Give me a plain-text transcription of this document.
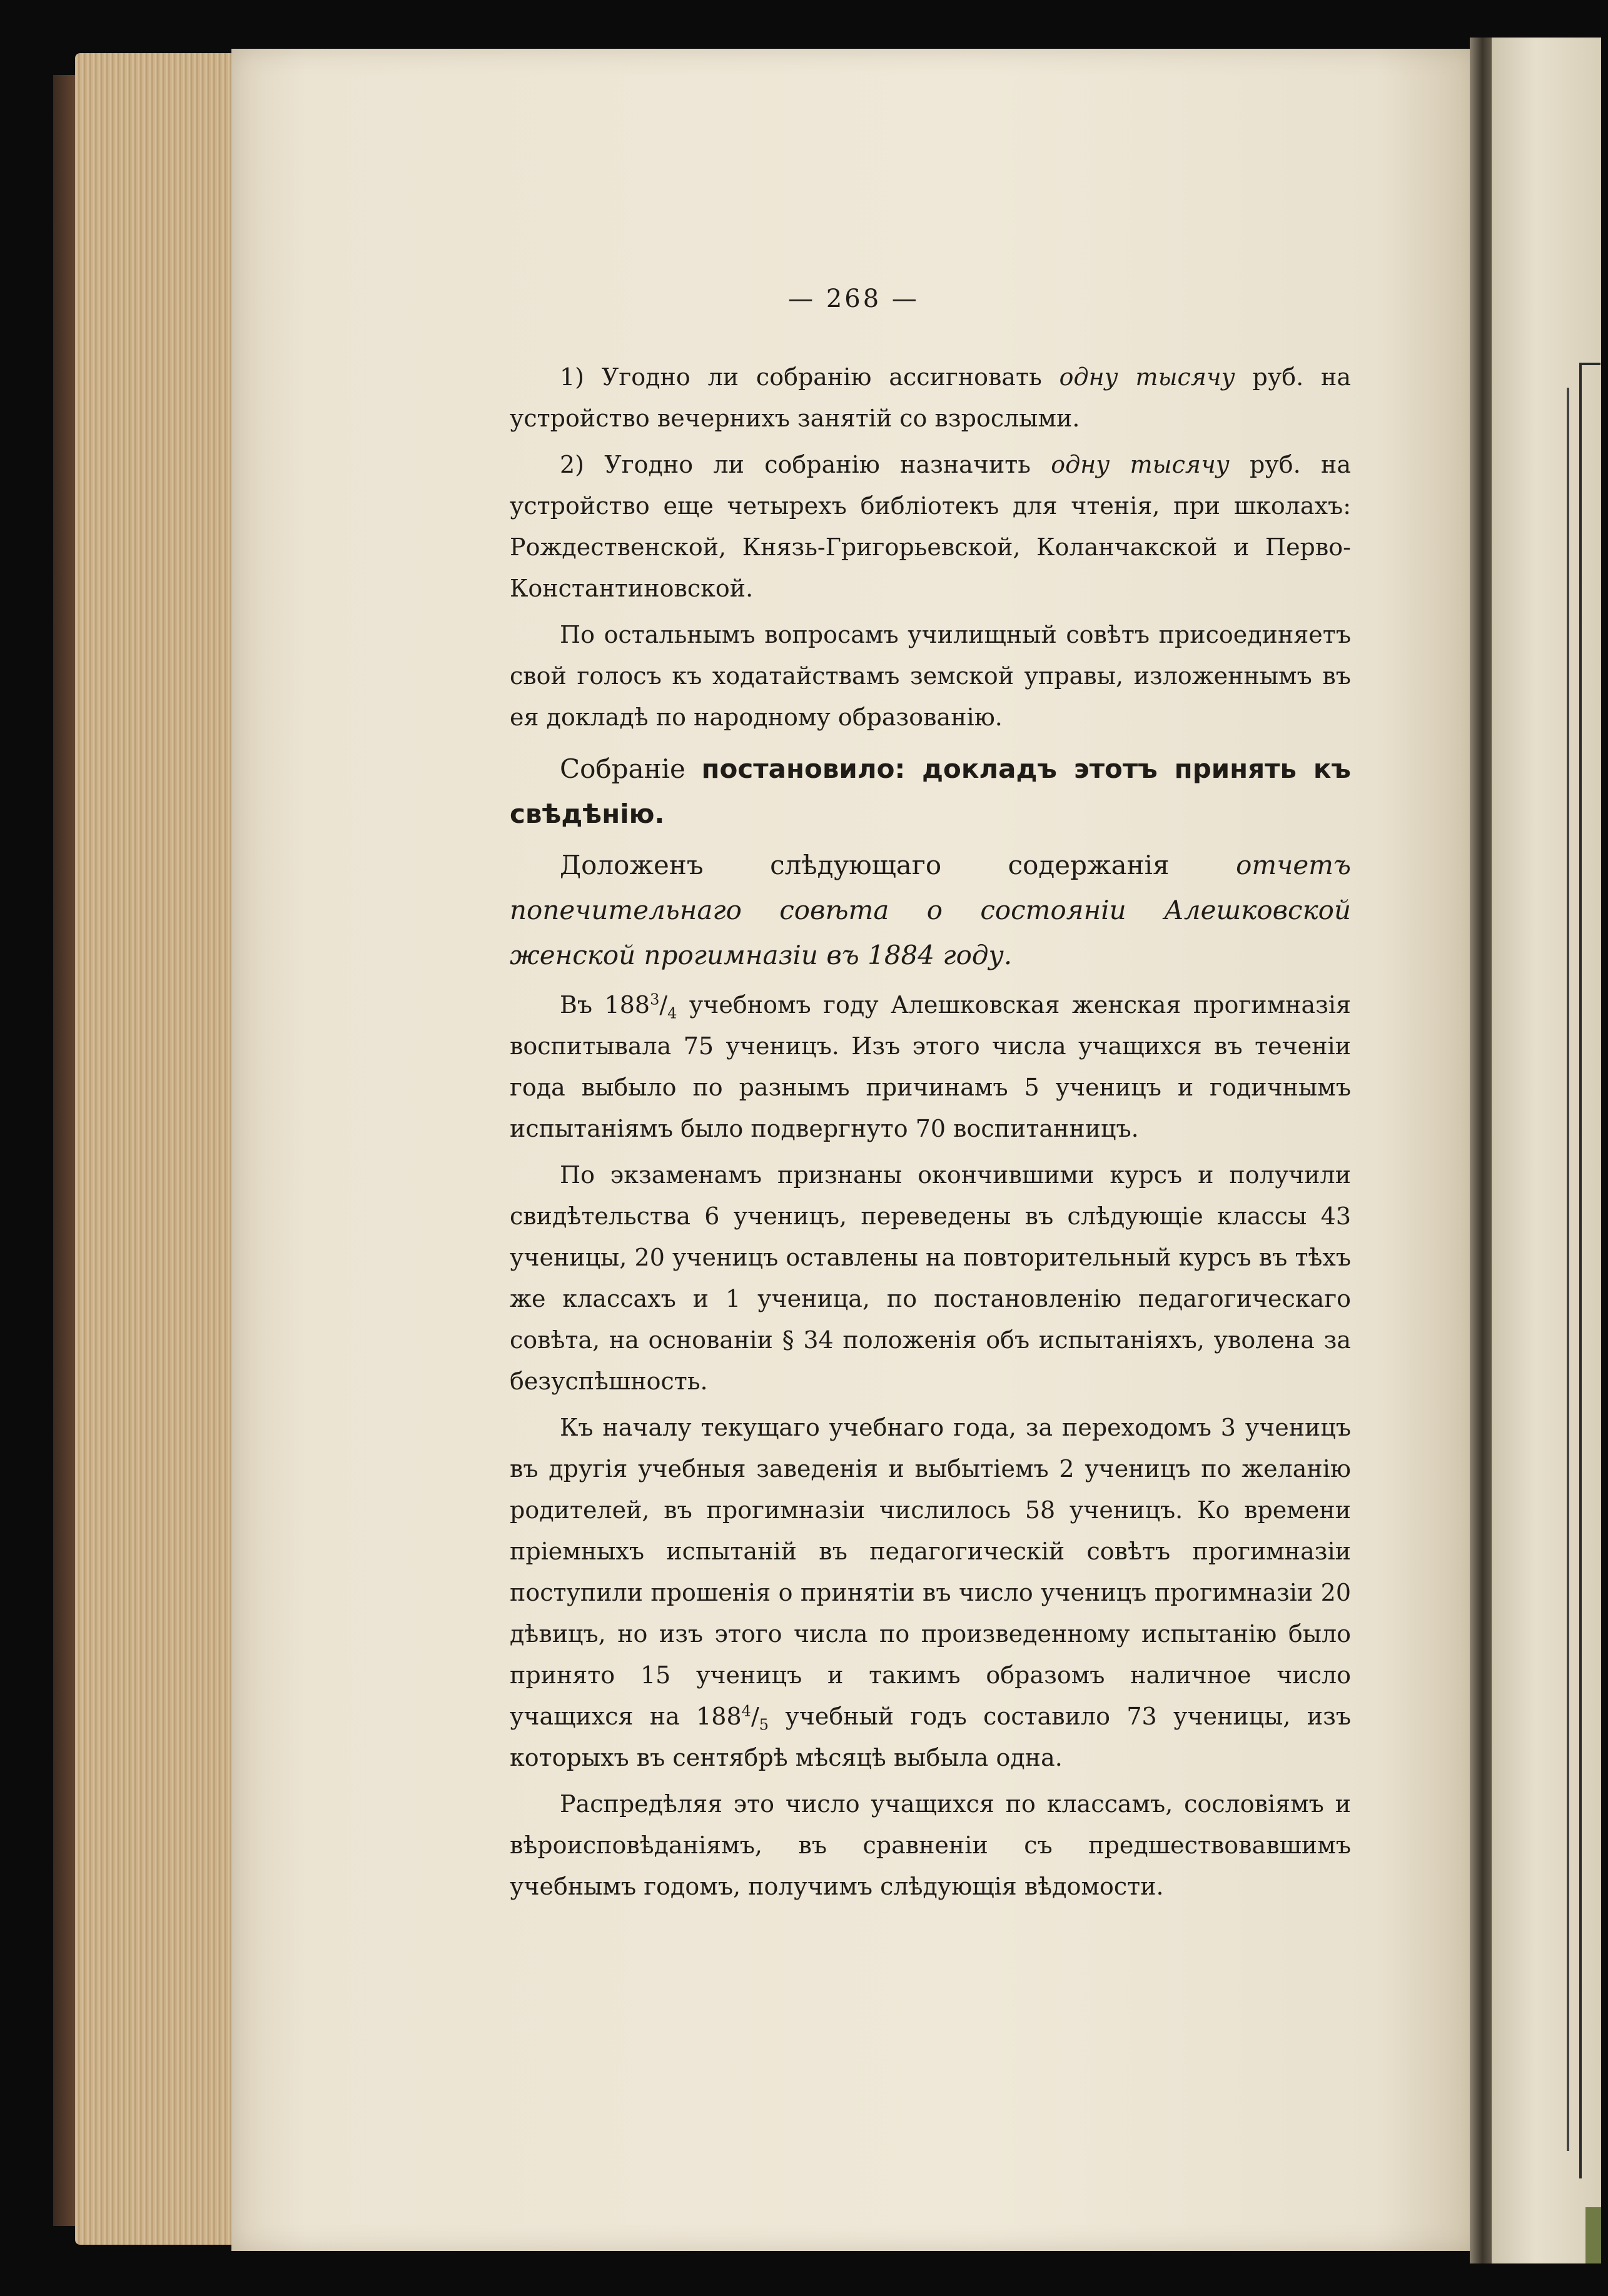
— 268 —

1) Угодно ли собранію ассигновать одну тысячу руб. на устройство вечернихъ занятій со взрослыми.

2) Угодно ли собранію назначить одну тысячу руб. на устройство еще четырехъ библіотекъ для чтенія, при школахъ: Рождественской, Князь-Григорьевской, Коланчакской и Перво-Константиновской.

По остальнымъ вопросамъ училищный совѣтъ присоединяетъ свой голосъ къ ходатайствамъ земской управы, изложеннымъ въ ея докладѣ по народному образованію.

Собраніе постановило: докладъ этотъ принять къ свѣдѣнію.

Доложенъ слѣдующаго содержанія отчетъ попечительнаго совѣта о состояніи Алешковской женской прогимназіи въ 1884 году.

Въ $188^3/_4$ учебномъ году Алешковская женская прогимназія воспитывала 75 ученицъ. Изъ этого числа учащихся въ теченіи года выбыло по разнымъ причинамъ 5 ученицъ и годичнымъ испытаніямъ было подвергнуто 70 воспитанницъ.

По экзаменамъ признаны окончившими курсъ и получили свидѣтельства 6 ученицъ, переведены въ слѣдующіе классы 43 ученицы, 20 ученицъ оставлены на повторительный курсъ въ тѣхъ же классахъ и 1 ученица, по постановленію педагогическаго совѣта, на основаніи § 34 положенія объ испытаніяхъ, уволена за безуспѣшность.

Къ началу текущаго учебнаго года, за переходомъ 3 ученицъ въ другія учебныя заведенія и выбытіемъ 2 ученицъ по желанію родителей, въ прогимназіи числилось 58 ученицъ. Ко времени пріемныхъ испытаній въ педагогическій совѣтъ прогимназіи поступили прошенія о принятіи въ число ученицъ прогимназіи 20 дѣвицъ, но изъ этого числа по произведенному испытанію было принято 15 ученицъ и такимъ образомъ наличное число учащихся на $188^4/_5$ учебный годъ составило 73 ученицы, изъ которыхъ въ сентябрѣ мѣсяцѣ выбыла одна.

Распредѣляя это число учащихся по классамъ, сословіямъ и вѣроисповѣданіямъ, въ сравненіи съ предшествовавшимъ учебнымъ годомъ, получимъ слѣдующія вѣдомости.
